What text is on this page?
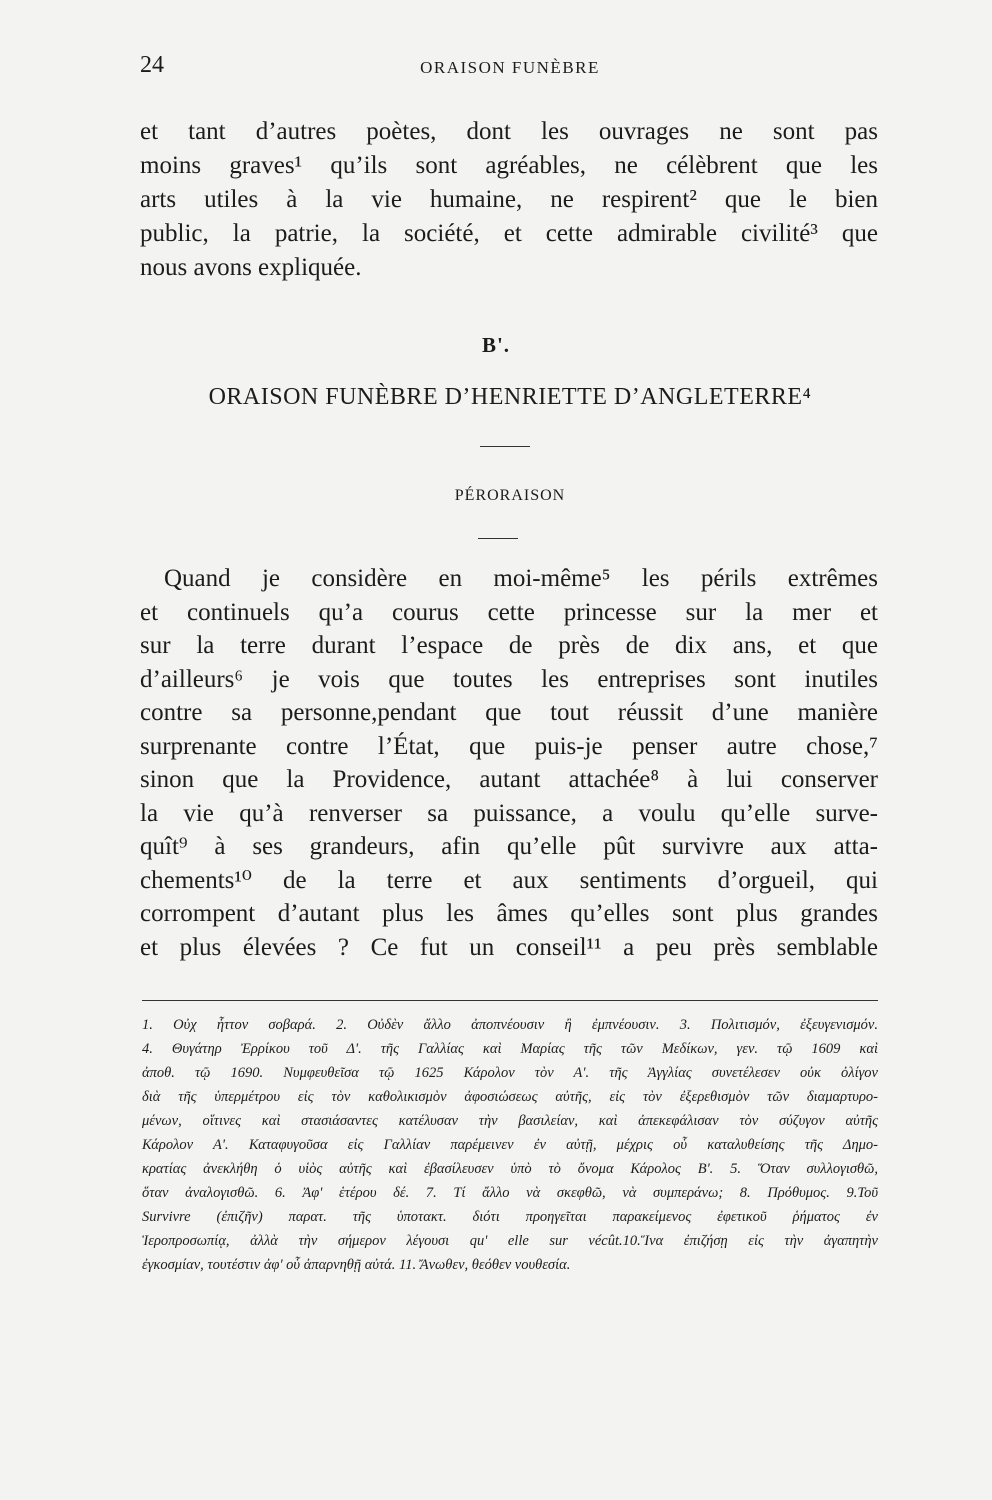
24	ORAISON FUNÈBRE

et tant d’autres poètes, dont les ouvrages ne sont pas
moins graves¹ qu’ils sont agréables, ne célèbrent que les
arts utiles à la vie humaine, ne respirent² que le bien
public, la patrie, la société, et cette admirable civilité³ que
nous avons expliquée.

B'.
ORAISON FUNÈBRE D’HENRIETTE D’ANGLETERRE⁴
PÉRORAISON

Quand je considère en moi-même⁵ les périls extrêmes
et continuels qu’a courus cette princesse sur la mer et
sur la terre durant l’espace de près de dix ans, et que
d’ailleurs⁶ je vois que toutes les entreprises sont inutiles
contre sa personne,pendant que tout réussit d’une manière
surprenante contre l’État, que puis-je penser autre chose,⁷
sinon que la Providence, autant attachée⁸ à lui conserver
la vie qu’à renverser sa puissance, a voulu qu’elle surve-
quît⁹ à ses grandeurs, afin qu’elle pût survivre aux atta-
chements¹⁰ de la terre et aux sentiments d’orgueil, qui
corrompent d’autant plus les âmes qu’elles sont plus grandes
et plus élevées ? Ce fut un conseil¹¹ a peu près semblable

1. Οὐχ ἧττον σοβαρά. 2. Οὐδὲν ἄλλο ἀποπνέουσιν ἢ ἐμπνέουσιν. 3. Πολιτισμόν, ἐξευγενισμόν.
4. Θυγάτηρ Ἐρρίκου τοῦ Δ'. τῆς Γαλλίας καὶ Μαρίας τῆς τῶν Μεδίκων, γεν. τῷ 1609 καὶ
ἀποθ. τῷ 1690. Νυμφευθεῖσα τῷ 1625 Κάρολον τὸν Α'. τῆς Ἀγγλίας συνετέλεσεν οὐκ ὀλίγον
διὰ τῆς ὑπερμέτρου εἰς τὸν καθολικισμὸν ἀφοσιώσεως αὐτῆς, εἰς τὸν ἐξερεθισμὸν τῶν διαμαρτυρο-
μένων, οἵτινες καὶ στασιάσαντες κατέλυσαν τὴν βασιλείαν, καὶ ἀπεκεφάλισαν τὸν σύζυγον αὐτῆς
Κάρολον Α'. Καταφυγοῦσα εἰς Γαλλίαν παρέμεινεν ἐν αὐτῇ, μέχρις οὗ καταλυθείσης τῆς Δημο-
κρατίας ἀνεκλήθη ὁ υἱὸς αὐτῆς καὶ ἐβασίλευσεν ὑπὸ τὸ ὄνομα Κάρολος Β'. 5. Ὅταν συλλογισθῶ,
ὅταν ἀναλογισθῶ. 6. Ἀφ' ἑτέρου δέ. 7. Τί ἄλλο νὰ σκεφθῶ, νὰ συμπεράνω; 8. Πρόθυμος. 9.Τοῦ
Survivre (ἐπιζῆν) παρατ. τῆς ὑποτακτ. διότι προηγεῖται παρακείμενος ἐφετικοῦ ῥήματος ἐν
Ἱεροπροσωπίᾳ, ἀλλὰ τὴν σήμερον λέγουσι qu' elle sur vécût.10.Ἵνα ἐπιζήσῃ εἰς τὴν ἀγαπητὴν
ἐγκοσμίαν, τουτέστιν ἀφ' οὗ ἀπαρνηθῇ αὐτά. 11. Ἄνωθεν, θεόθεν νουθεσία.
